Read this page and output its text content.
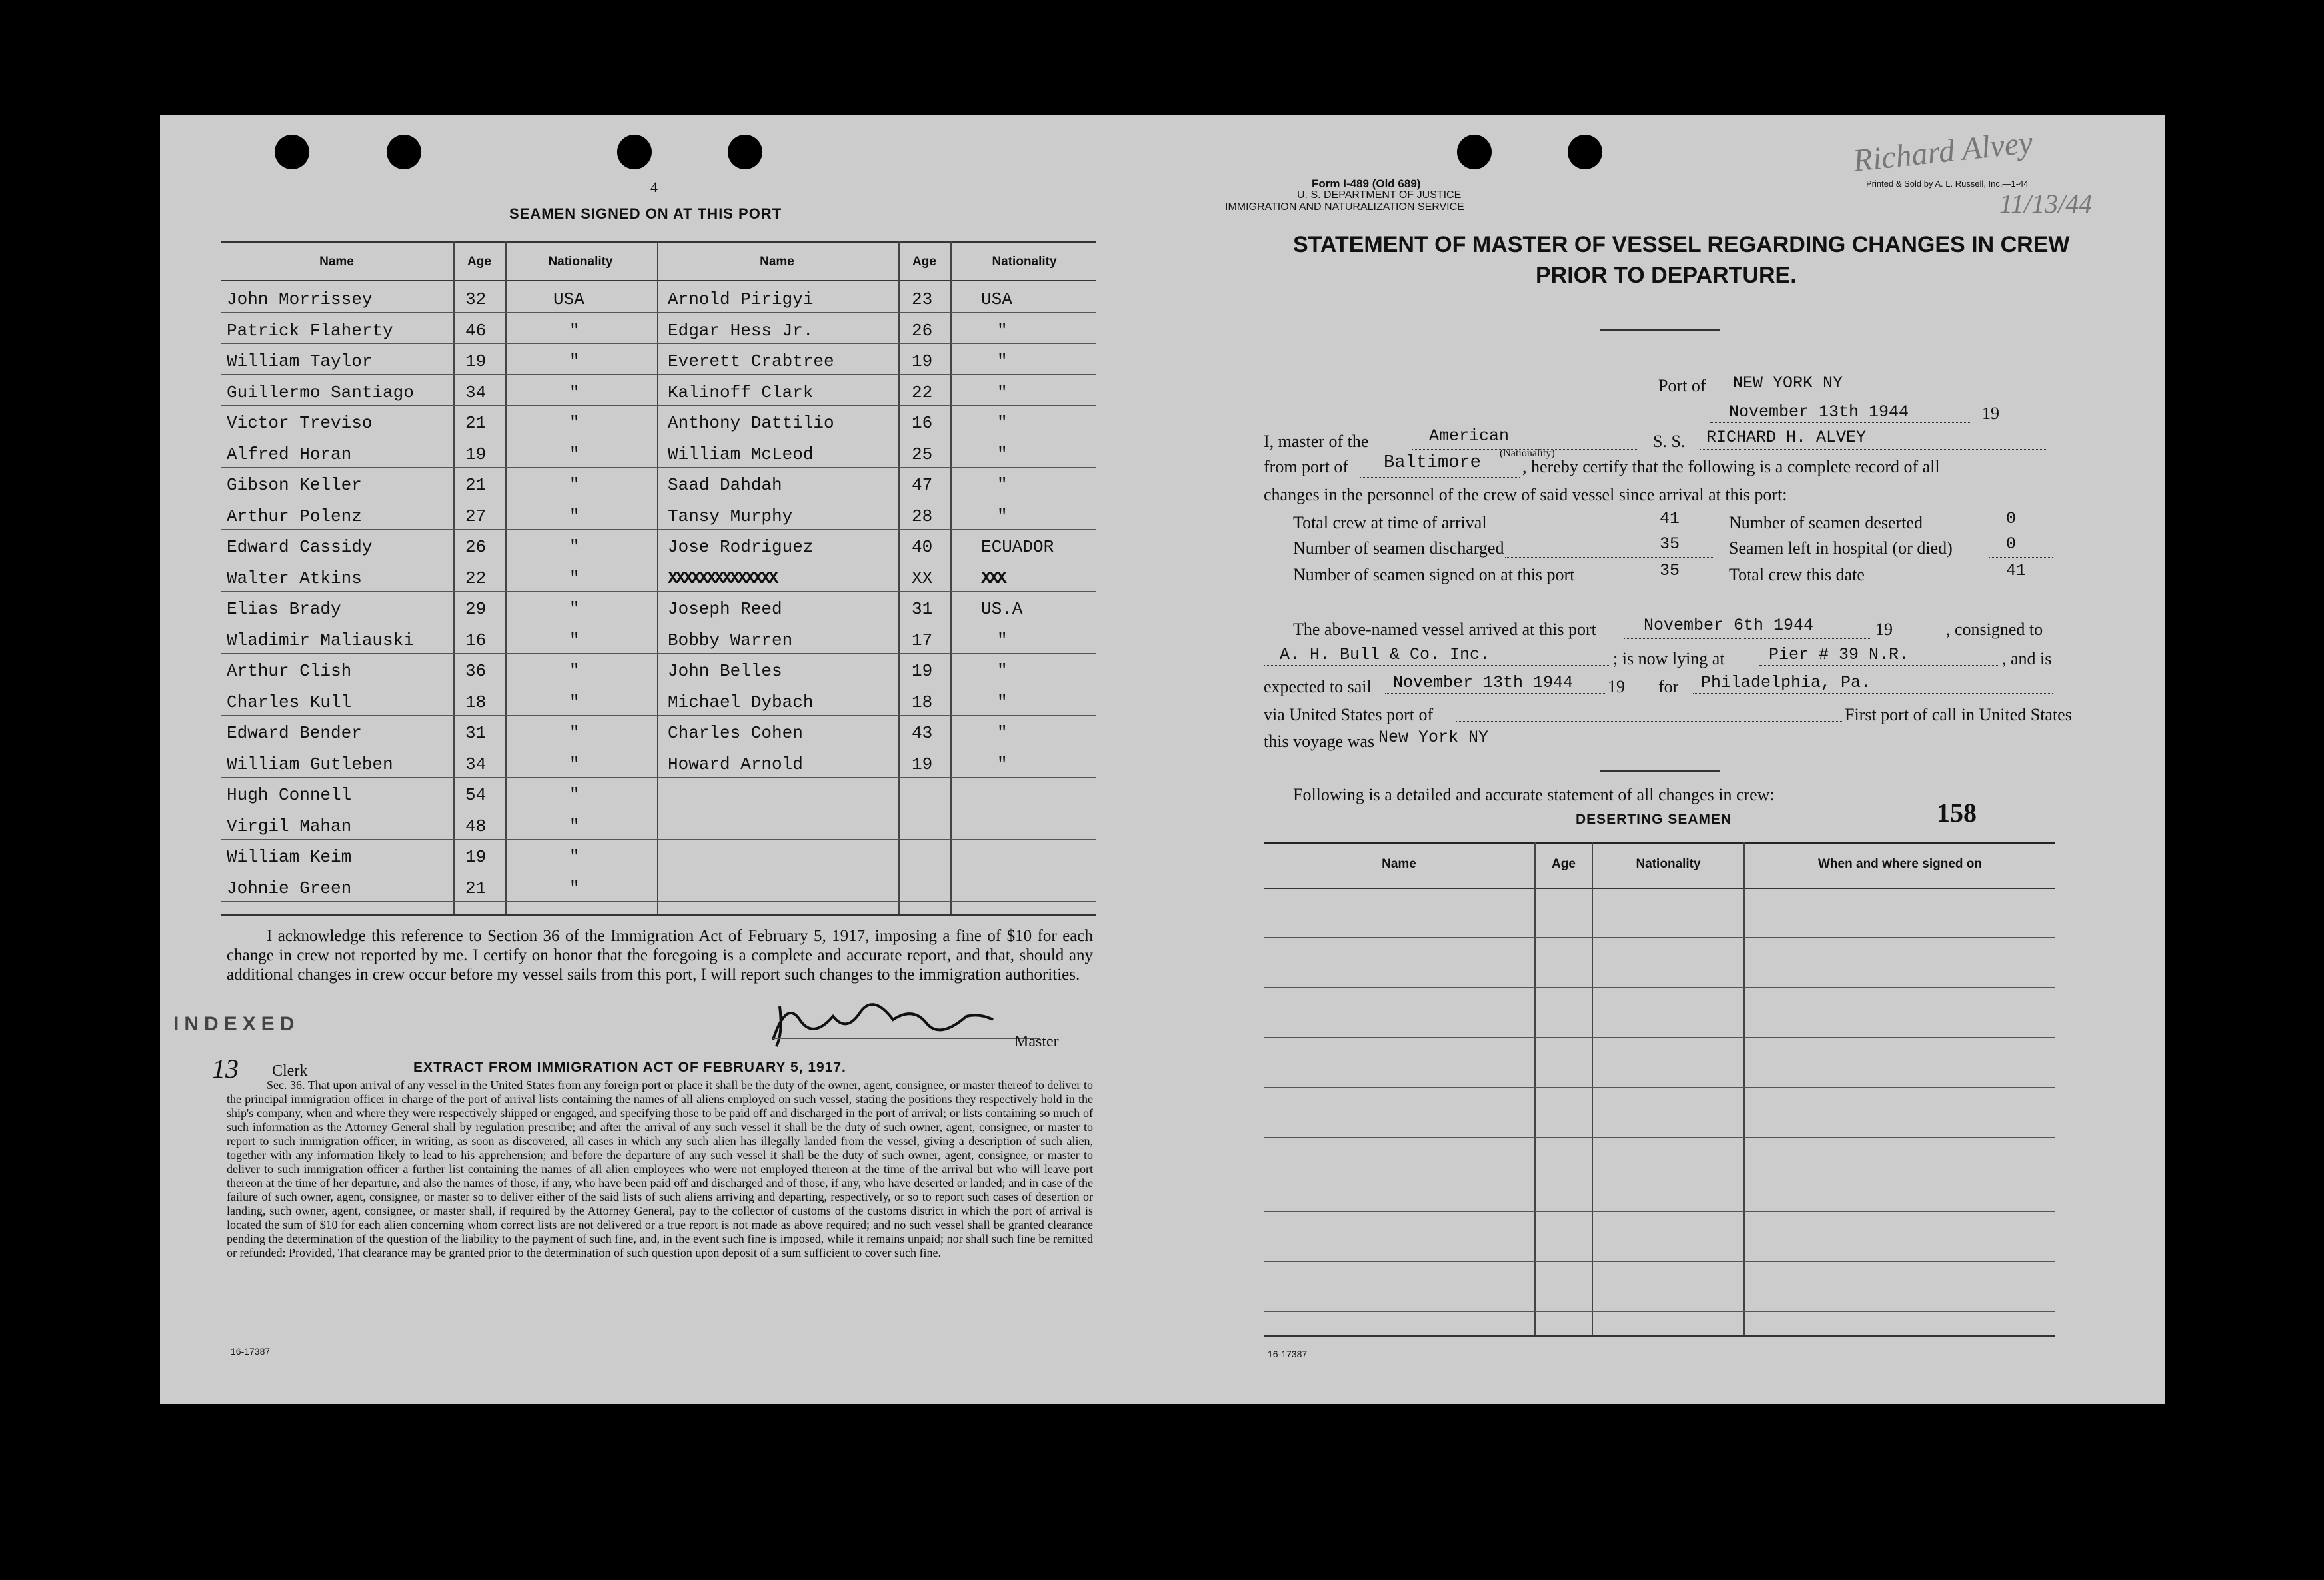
4
SEAMEN SIGNED ON AT THIS PORT
Name	Age	Nationality	Name	Age	Nationality
John Morrissey	32	USA	Arnold Pirigyi	23	USA
Patrick Flaherty	46	"	Edgar Hess Jr.	26	"
William Taylor	19	"	Everett Crabtree	19	"
Guillermo Santiago	34	"	Kalinoff Clark	22	"
Victor Treviso	21	"	Anthony Dattilio	16	"
Alfred Horan	19	"	William McLeod	25	"
Gibson Keller	21	"	Saad Dahdah	47	"
Arthur Polenz	27	"	Tansy Murphy	28	"
Edward Cassidy	26	"	Jose Rodriguez	40	ECUADOR
Walter Atkins	22	"	XXXXXXXXXXXXXX	XX	XXX
Elias Brady	29	"	Joseph Reed	31	US.A
Wladimir Maliauski	16	"	Bobby Warren	17	"
Arthur Clish	36	"	John Belles	19	"
Charles Kull	18	"	Michael Dybach	18	"
Edward Bender	31	"	Charles Cohen	43	"
William Gutleben	34	"	Howard Arnold	19	"
Hugh Connell	54	"
Virgil Mahan	48	"
William Keim	19	"
Johnie Green	21	"
I acknowledge this reference to Section 36 of the Immigration Act of February 5, 1917, imposing a fine of $10 for each change in crew not reported by me. I certify on honor that the foregoing is a complete and accurate report, and that, should any additional changes in crew occur before my vessel sails from this port, I will report such changes to the immigration authorities.
INDEXED
13 Clerk
Master
EXTRACT FROM IMMIGRATION ACT OF FEBRUARY 5, 1917.
Sec. 36. That upon arrival of any vessel in the United States from any foreign port or place it shall be the duty of the owner, agent, consignee, or master thereof to deliver to the principal immigration officer in charge of the port of arrival lists containing the names of all aliens employed on such vessel, stating the positions they respectively hold in the ship's company, when and where they were respectively shipped or engaged, and specifying those to be paid off and discharged in the port of arrival; or lists containing so much of such information as the Attorney General shall by regulation prescribe; and after the arrival of any such vessel it shall be the duty of such owner, agent, consignee, or master to report to such immigration officer, in writing, as soon as discovered, all cases in which any such alien has illegally landed from the vessel, giving a description of such alien, together with any information likely to lead to his apprehension; and before the departure of any such vessel it shall be the duty of such owner, agent, consignee, or master to deliver to such immigration officer a further list containing the names of all alien employees who were not employed thereon at the time of the arrival but who will leave port thereon at the time of her departure, and also the names of those, if any, who have been paid off and discharged and of those, if any, who have deserted or landed; and in case of the failure of such owner, agent, consignee, or master so to deliver either of the said lists of such aliens arriving and departing, respectively, or so to report such cases of desertion or landing, such owner, agent, consignee, or master shall, if required by the Attorney General, pay to the collector of customs of the customs district in which the port of arrival is located the sum of $10 for each alien concerning whom correct lists are not delivered or a true report is not made as above required; and no such vessel shall be granted clearance pending the determination of the question of the liability to the payment of such fine, and, in the event such fine is imposed, while it remains unpaid; nor shall such fine be remitted or refunded: Provided, That clearance may be granted prior to the determination of such question upon deposit of a sum sufficient to cover such fine.
16-17387
Form I-489 (Old 689)
U. S. DEPARTMENT OF JUSTICE
IMMIGRATION AND NATURALIZATION SERVICE
Printed & Sold by A. L. Russell, Inc.—1-44
Richard Alvey
11/13/44
STATEMENT OF MASTER OF VESSEL REGARDING CHANGES IN CREW
PRIOR TO DEPARTURE.
Port of NEW YORK NY
November 13th 1944	19
I, master of the	American
(Nationality)
S. S. RICHARD H. ALVEY
from port of Baltimore , hereby certify that the following is a complete record of all
changes in the personnel of the crew of said vessel since arrival at this port:
Total crew at time of arrival	41
Number of seamen discharged	35
Number of seamen signed on at this port	35
Number of seamen deserted	0
Seamen left in hospital (or died)	0
Total crew this date	41
The above-named vessel arrived at this port	November 6th 1944	19	, consigned to
A. H. Bull & Co. Inc.	; is now lying at	Pier # 39 N.R.	, and is
expected to sail November 13th 1944 19 for Philadelphia, Pa.
via United States port of	First port of call in United States
this voyage was New York NY
Following is a detailed and accurate statement of all changes in crew:
DESERTING SEAMEN	158
Name	Age	Nationality	When and where signed on
16-17387
